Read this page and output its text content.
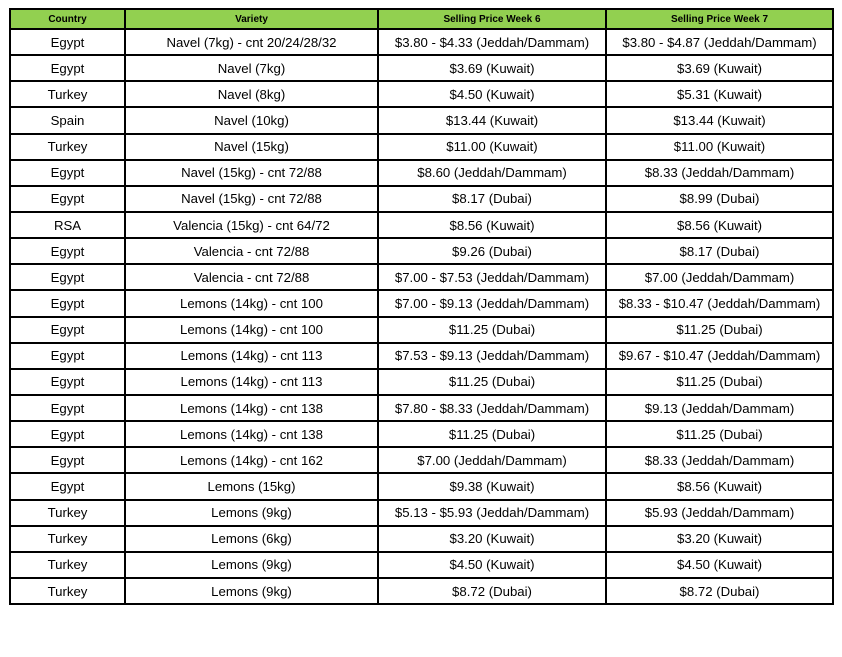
Country	Variety	Selling Price Week 6	Selling Price Week 7
Egypt	Navel (7kg) - cnt 20/24/28/32	$3.80 - $4.33 (Jeddah/Dammam)	$3.80 - $4.87 (Jeddah/Dammam)
Egypt	Navel (7kg)	$3.69 (Kuwait)	$3.69 (Kuwait)
Turkey	Navel (8kg)	$4.50 (Kuwait)	$5.31 (Kuwait)
Spain	Navel (10kg)	$13.44 (Kuwait)	$13.44 (Kuwait)
Turkey	Navel (15kg)	$11.00 (Kuwait)	$11.00 (Kuwait)
Egypt	Navel (15kg) - cnt 72/88	$8.60 (Jeddah/Dammam)	$8.33 (Jeddah/Dammam)
Egypt	Navel (15kg) - cnt 72/88	$8.17 (Dubai)	$8.99 (Dubai)
RSA	Valencia (15kg) - cnt 64/72	$8.56 (Kuwait)	$8.56 (Kuwait)
Egypt	Valencia - cnt 72/88	$9.26 (Dubai)	$8.17 (Dubai)
Egypt	Valencia - cnt 72/88	$7.00 - $7.53 (Jeddah/Dammam)	$7.00 (Jeddah/Dammam)
Egypt	Lemons (14kg) - cnt 100	$7.00 - $9.13 (Jeddah/Dammam)	$8.33 - $10.47 (Jeddah/Dammam)
Egypt	Lemons (14kg) - cnt 100	$11.25 (Dubai)	$11.25 (Dubai)
Egypt	Lemons (14kg) - cnt 113	$7.53 - $9.13 (Jeddah/Dammam)	$9.67 - $10.47 (Jeddah/Dammam)
Egypt	Lemons (14kg) - cnt 113	$11.25 (Dubai)	$11.25 (Dubai)
Egypt	Lemons (14kg) - cnt 138	$7.80 - $8.33 (Jeddah/Dammam)	$9.13 (Jeddah/Dammam)
Egypt	Lemons (14kg) - cnt 138	$11.25 (Dubai)	$11.25 (Dubai)
Egypt	Lemons (14kg) - cnt 162	$7.00 (Jeddah/Dammam)	$8.33 (Jeddah/Dammam)
Egypt	Lemons (15kg)	$9.38 (Kuwait)	$8.56 (Kuwait)
Turkey	Lemons (9kg)	$5.13 - $5.93 (Jeddah/Dammam)	$5.93 (Jeddah/Dammam)
Turkey	Lemons (6kg)	$3.20 (Kuwait)	$3.20 (Kuwait)
Turkey	Lemons (9kg)	$4.50 (Kuwait)	$4.50 (Kuwait)
Turkey	Lemons (9kg)	$8.72 (Dubai)	$8.72 (Dubai)
